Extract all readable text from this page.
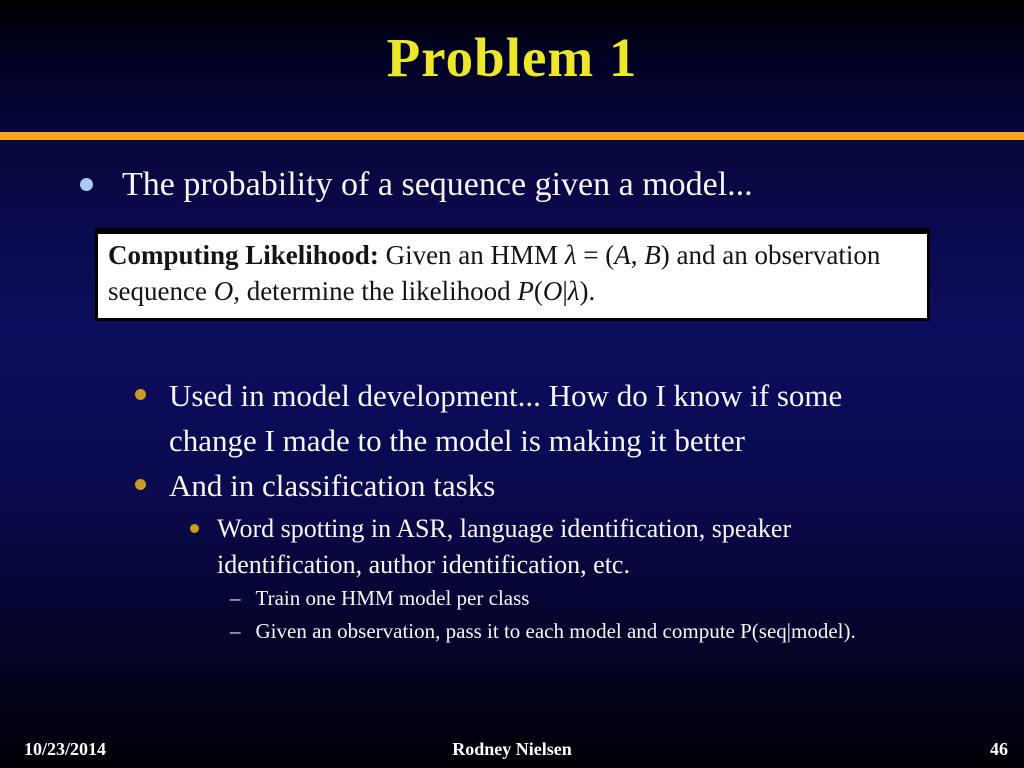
Problem 1
The probability of a sequence given a model...
Computing Likelihood: Given an HMM λ = (A, B) and an observation
sequence O, determine the likelihood P(O|λ).
Used in model development... How do I know if some
change I made to the model is making it better
And in classification tasks
Word spotting in ASR, language identification, speaker
identification, author identification, etc.
– Train one HMM model per class
– Given an observation, pass it to each model and compute P(seq|model).
10/23/2014	Rodney Nielsen	46
